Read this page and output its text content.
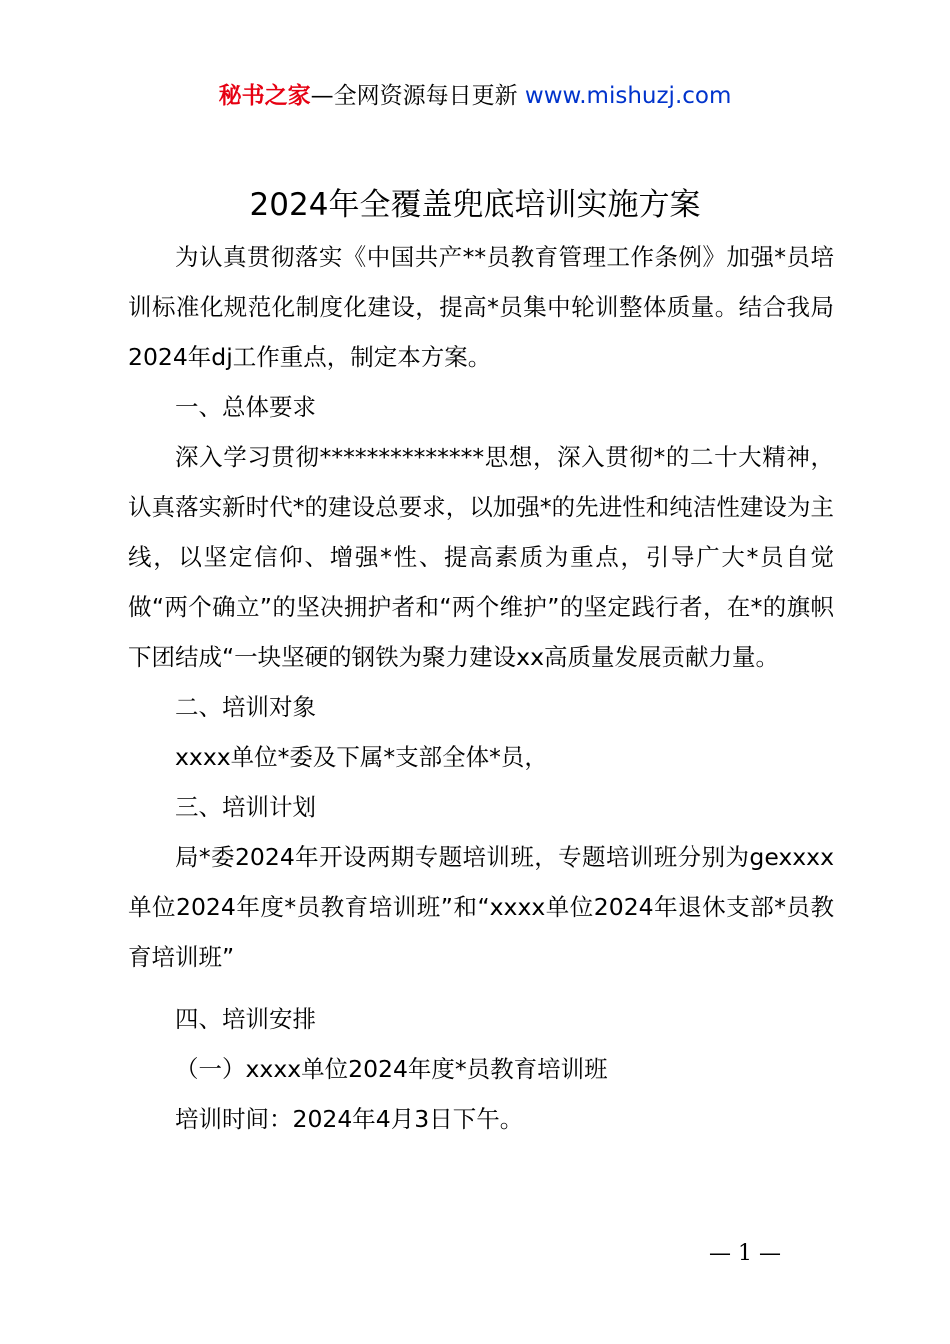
秘书之家—全网资源每日更新 www.mishuzj.com
2024年全覆盖兜底培训实施方案

为认真贯彻落实《中国共产**员教育管理工作条例》加强*员培训标准化规范化制度化建设，提高*员集中轮训整体质量。结合我局2024年dj工作重点，制定本方案。

一、总体要求

深入学习贯彻**************思想，深入贯彻*的二十大精神，认真落实新时代*的建设总要求，以加强*的先进性和纯洁性建设为主线，以坚定信仰、增强*性、提高素质为重点，引导广大*员自觉做“两个确立”的坚决拥护者和“两个维护”的坚定践行者，在*的旗帜下团结成“一块坚硬的钢铁为聚力建设xx高质量发展贡献力量。

二、培训对象

xxxx单位*委及下属*支部全体*员，

三、培训计划

局*委2024年开设两期专题培训班，专题培训班分别为gexxxx单位2024年度*员教育培训班”和“xxxx单位2024年退休支部*员教育培训班”

四、培训安排

（一）xxxx单位2024年度*员教育培训班

培训时间：2024年4月3日下午。

— 1 —
